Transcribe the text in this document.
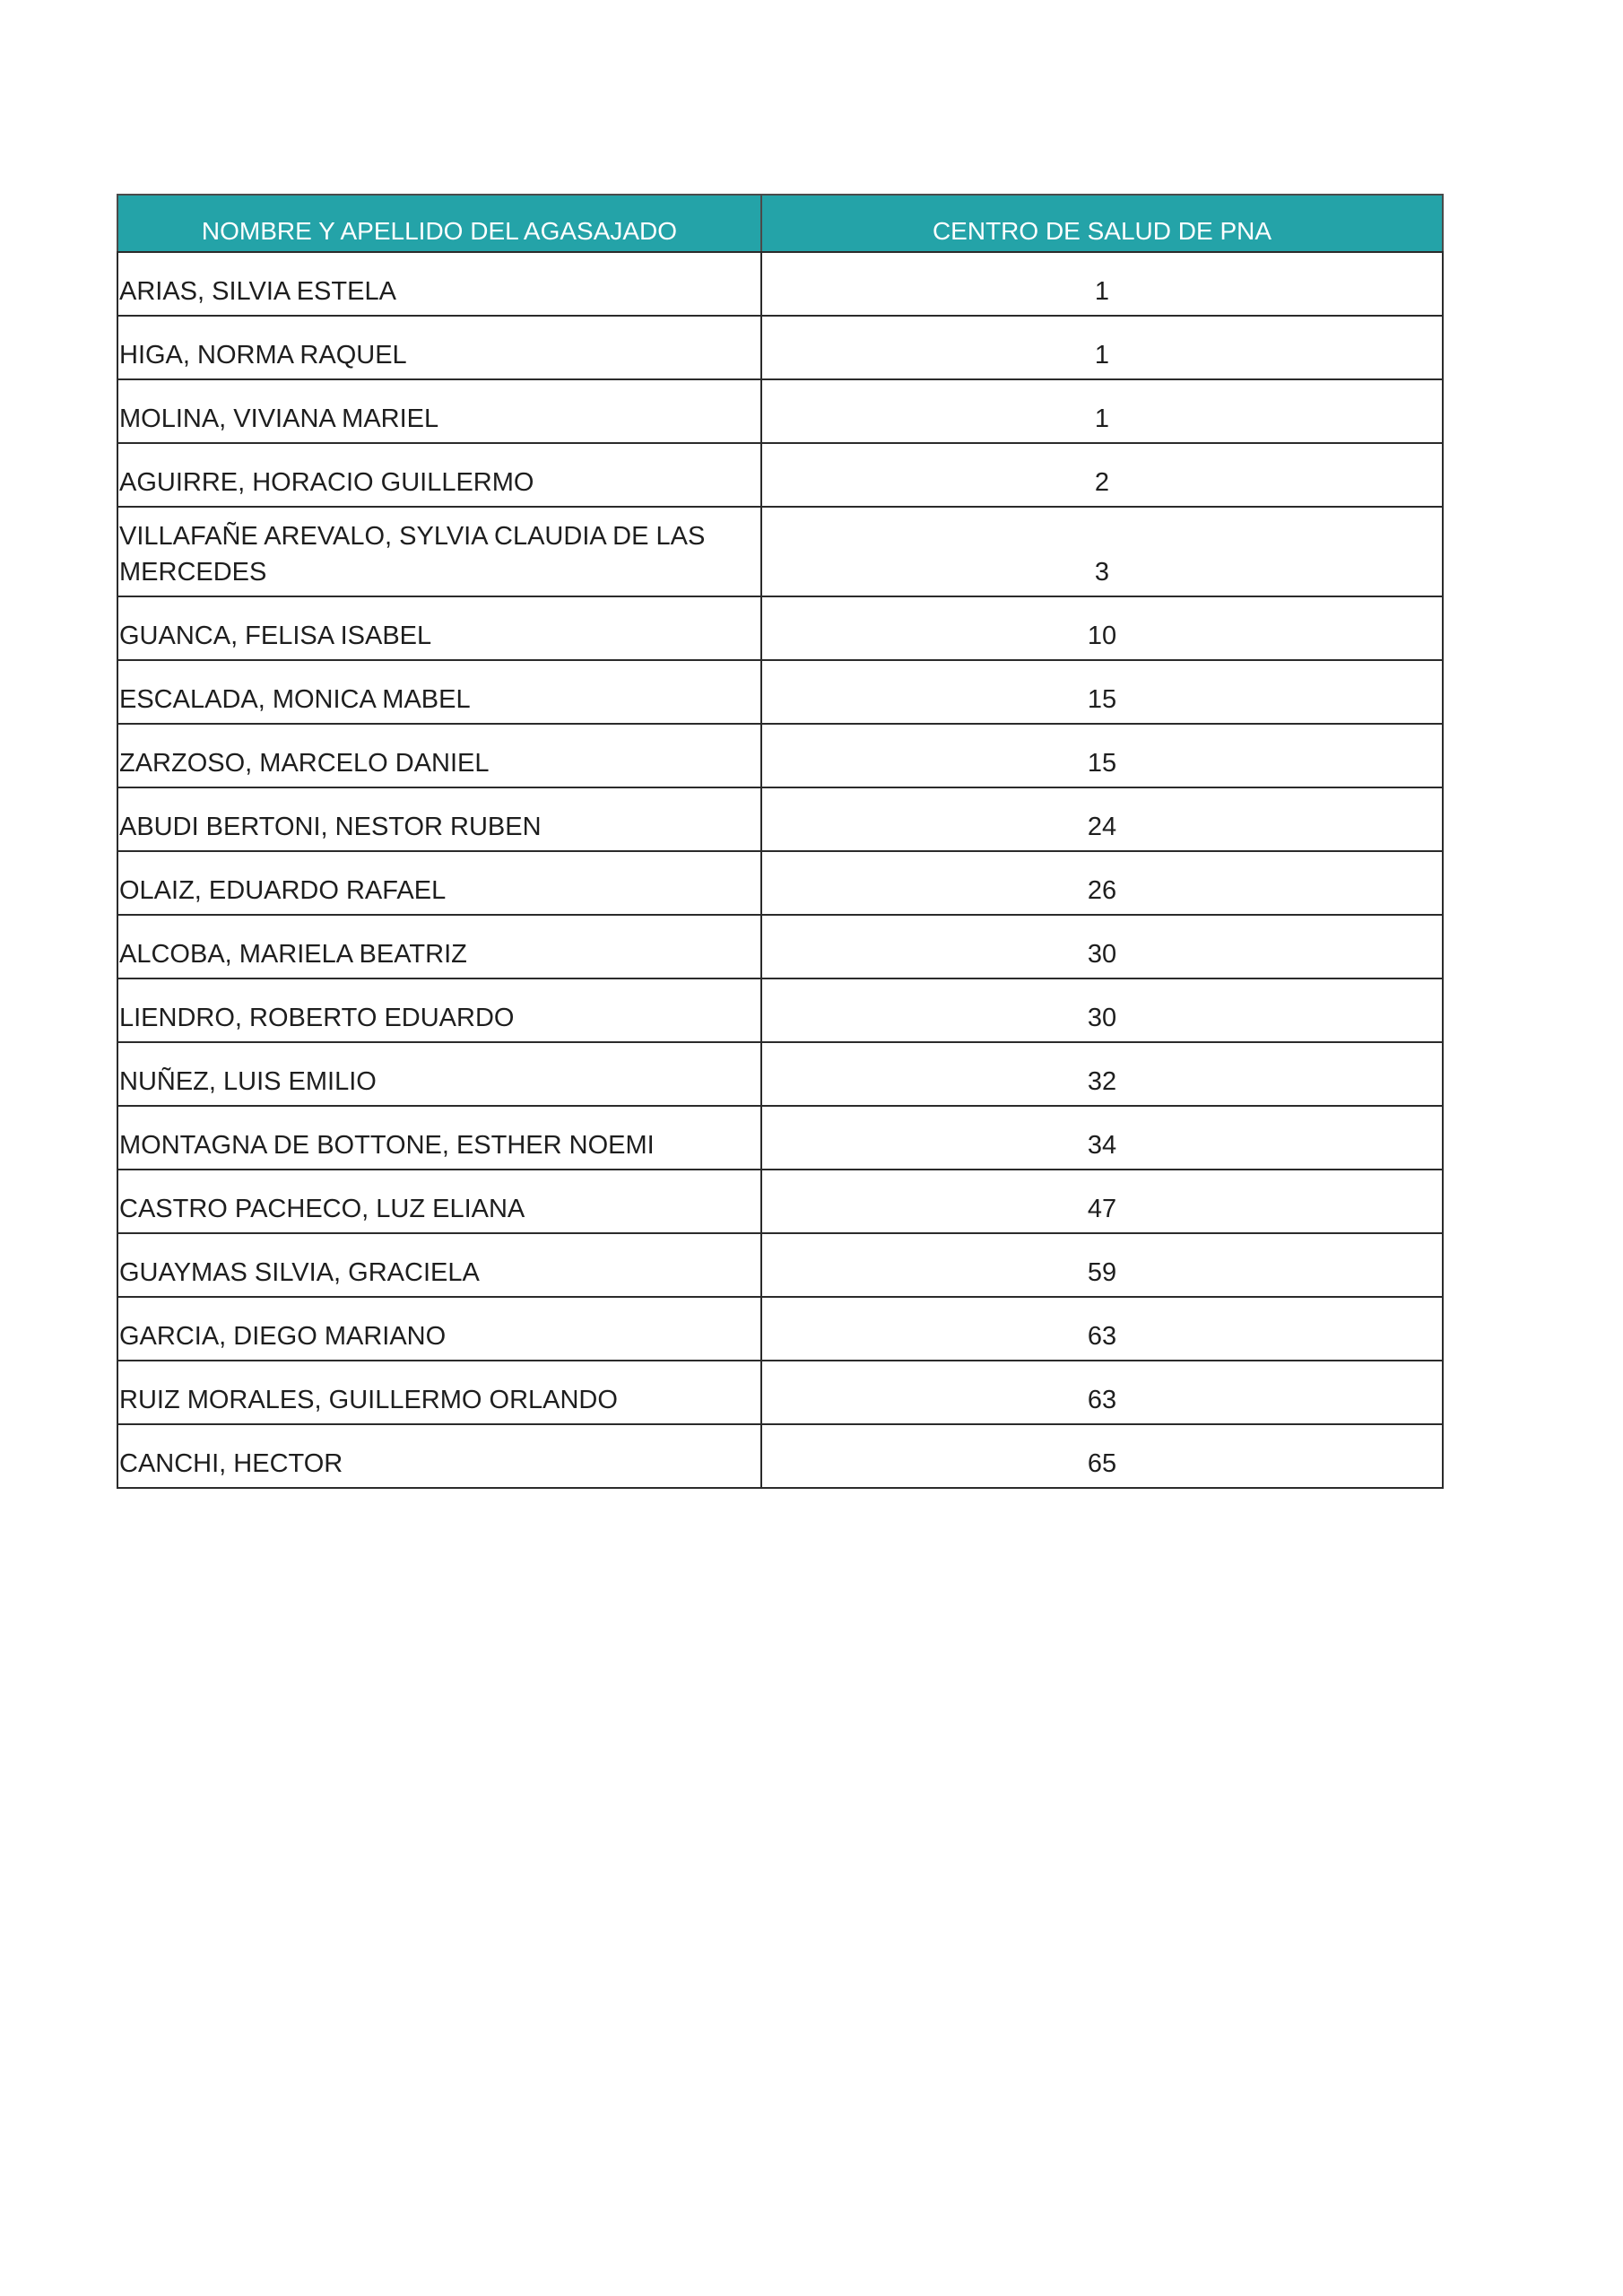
NOMBRE Y APELLIDO DEL AGASAJADO	CENTRO DE SALUD DE PNA
ARIAS, SILVIA ESTELA	1
HIGA, NORMA RAQUEL	1
MOLINA, VIVIANA MARIEL	1
AGUIRRE, HORACIO GUILLERMO	2
VILLAFAÑE AREVALO, SYLVIA CLAUDIA DE LAS MERCEDES	3
GUANCA, FELISA ISABEL	10
ESCALADA, MONICA MABEL	15
ZARZOSO, MARCELO DANIEL	15
ABUDI BERTONI, NESTOR RUBEN	24
OLAIZ, EDUARDO RAFAEL	26
ALCOBA, MARIELA BEATRIZ	30
LIENDRO, ROBERTO EDUARDO	30
NUÑEZ, LUIS EMILIO	32
MONTAGNA DE BOTTONE, ESTHER NOEMI	34
CASTRO PACHECO, LUZ ELIANA	47
GUAYMAS SILVIA, GRACIELA	59
GARCIA, DIEGO MARIANO	63
RUIZ MORALES, GUILLERMO ORLANDO	63
CANCHI, HECTOR	65
